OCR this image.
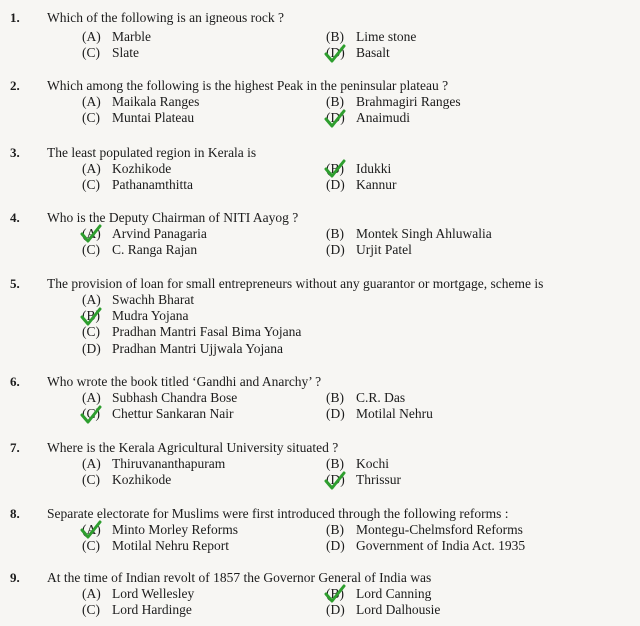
1. Which of the following is an igneous rock ?
(A) Marble	(B) Lime stone
(C) Slate	(D) Basalt
2. Which among the following is the highest Peak in the peninsular plateau ?
(A) Maikala Ranges	(B) Brahmagiri Ranges
(C) Muntai Plateau	(D) Anaimudi
3. The least populated region in Kerala is
(A) Kozhikode	(B) Idukki
(C) Pathanamthitta	(D) Kannur
4. Who is the Deputy Chairman of NITI Aayog ?
(A) Arvind Panagaria	(B) Montek Singh Ahluwalia
(C) C. Ranga Rajan	(D) Urjit Patel
5. The provision of loan for small entrepreneurs without any guarantor or mortgage, scheme is
(A) Swachh Bharat
(B) Mudra Yojana
(C) Pradhan Mantri Fasal Bima Yojana
(D) Pradhan Mantri Ujjwala Yojana
6. Who wrote the book titled ‘Gandhi and Anarchy’ ?
(A) Subhash Chandra Bose	(B) C.R. Das
(C) Chettur Sankaran Nair	(D) Motilal Nehru
7. Where is the Kerala Agricultural University situated ?
(A) Thiruvananthapuram	(B) Kochi
(C) Kozhikode	(D) Thrissur
8. Separate electorate for Muslims were first introduced through the following reforms :
(A) Minto Morley Reforms	(B) Montegu-Chelmsford Reforms
(C) Motilal Nehru Report	(D) Government of India Act. 1935
9. At the time of Indian revolt of 1857 the Governor General of India was
(A) Lord Wellesley	(B) Lord Canning
(C) Lord Hardinge	(D) Lord Dalhousie
